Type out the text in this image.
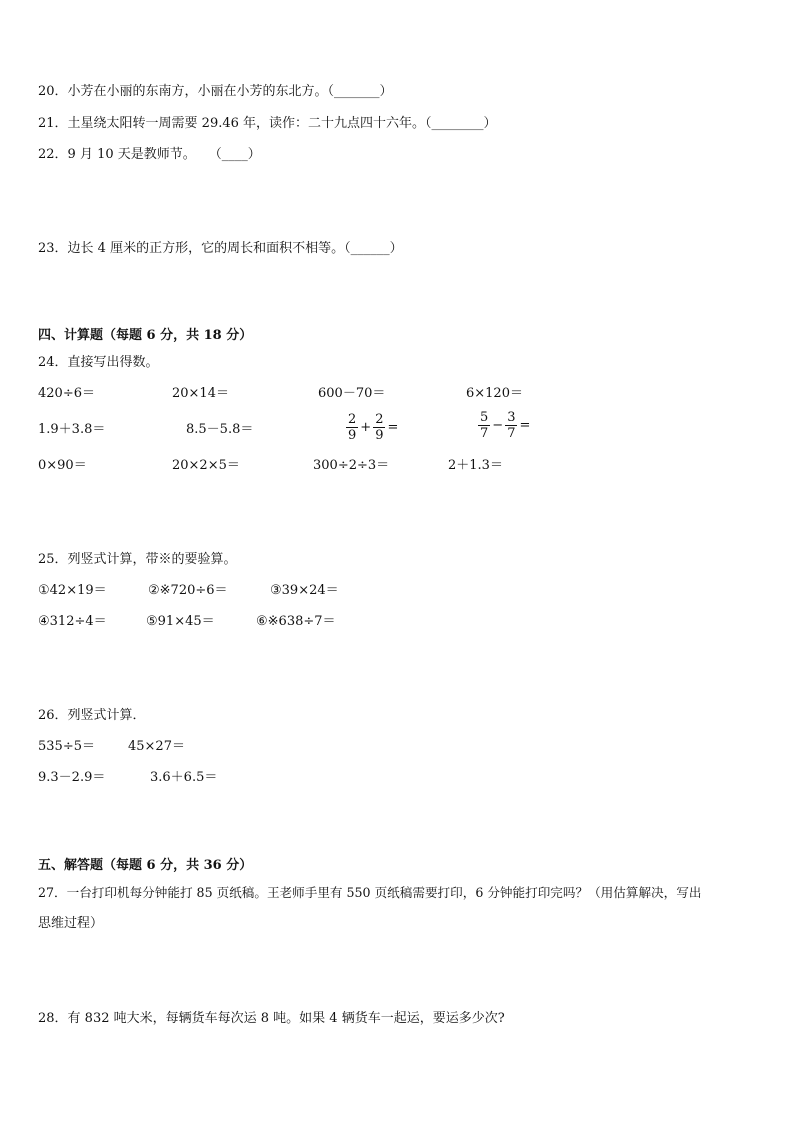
20．小芳在小丽的东南方，小丽在小芳的东北方。（_______）
21．土星绕太阳转一周需要 29.46 年，读作：二十九点四十六年。（________）
22．9 月 10 天是教师节。　　（____）
23．边长 4 厘米的正方形，它的周长和面积不相等。（______）
四、计算题（每题 6 分，共 18 分）
24．直接写出得数。
420÷6＝	20×14＝	600－70＝	6×120＝
1.9＋3.8＝	8.5－5.8＝	$\frac{2}{9} + \frac{2}{9}$ =	$\frac{5}{7} - \frac{3}{7}$ =
0×90＝	20×2×5＝	300÷2÷3＝	2＋1.3＝
25．列竖式计算，带※的要验算。
①42×19＝	②※720÷6＝	③39×24＝
④312÷4＝	⑤91×45＝	⑥※638÷7＝
26．列竖式计算．
535÷5＝	45×27＝
9.3－2.9＝	3.6＋6.5＝
五、解答题（每题 6 分，共 36 分）
27．一台打印机每分钟能打 85 页纸稿。王老师手里有 550 页纸稿需要打印，6 分钟能打印完吗？（用估算解决，写出
思维过程）
28．有 832 吨大米，每辆货车每次运 8 吨。如果 4 辆货车一起运，要运多少次?
